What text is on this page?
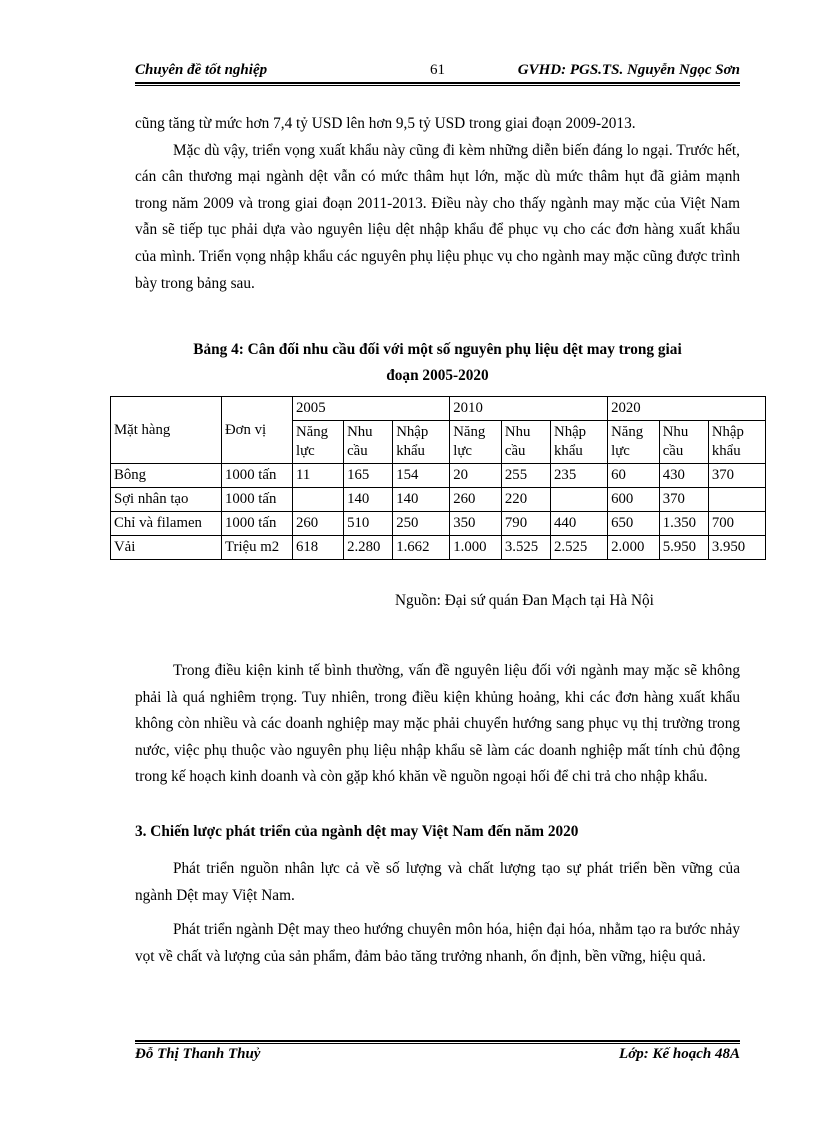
Chuyên đề tốt nghiệp	61	GVHD: PGS.TS. Nguyễn Ngọc Sơn

cũng tăng từ mức hơn 7,4 tỷ USD lên hơn 9,5 tỷ USD trong giai đoạn 2009-2013.

Mặc dù vậy, triển vọng xuất khẩu này cũng đi kèm những diễn biến đáng lo ngại. Trước hết, cán cân thương mại ngành dệt vẫn có mức thâm hụt lớn, mặc dù mức thâm hụt đã giảm mạnh trong năm 2009 và trong giai đoạn 2011-2013. Điều này cho thấy ngành may mặc của Việt Nam vẫn sẽ tiếp tục phải dựa vào nguyên liệu dệt nhập khẩu để phục vụ cho các đơn hàng xuất khẩu của mình. Triển vọng nhập khẩu các nguyên phụ liệu phục vụ cho ngành may mặc cũng được trình bày trong bảng sau.

Bảng 4: Cân đối nhu cầu đối với một số nguyên phụ liệu dệt may trong giai
đoạn 2005-2020
Mặt hàng	Đơn vị	2005			2010			2020		
		Năng lực	Nhu cầu	Nhập khẩu	Năng lực	Nhu cầu	Nhập khẩu	Năng lực	Nhu cầu	Nhập khẩu
Bông	1000 tấn	11	165	154	20	255	235	60	430	370
Sợi nhân tạo	1000 tấn		140	140	260	220		600	370	
Chỉ và filamen	1000 tấn	260	510	250	350	790	440	650	1.350	700
Vải	Triệu m2	618	2.280	1.662	1.000	3.525	2.525	2.000	5.950	3.950
Nguồn: Đại sứ quán Đan Mạch tại Hà Nội

Trong điều kiện kinh tế bình thường, vấn đề nguyên liệu đối với ngành may mặc sẽ không phải là quá nghiêm trọng. Tuy nhiên, trong điều kiện khủng hoảng, khi các đơn hàng xuất khẩu không còn nhiều và các doanh nghiệp may mặc phải chuyển hướng sang phục vụ thị trường trong nước, việc phụ thuộc vào nguyên phụ liệu nhập khẩu sẽ làm các doanh nghiệp mất tính chủ động trong kế hoạch kinh doanh và còn gặp khó khăn về nguồn ngoại hối để chi trả cho nhập khẩu.

3. Chiến lược phát triển của ngành dệt may Việt Nam đến năm 2020

Phát triển nguồn nhân lực cả về số lượng và chất lượng tạo sự phát triển bền vững của ngành Dệt may Việt Nam.

Phát triển ngành Dệt may theo hướng chuyên môn hóa, hiện đại hóa, nhằm tạo ra bước nhảy vọt về chất và lượng của sản phẩm, đảm bảo tăng trưởng nhanh, ổn định, bền vững, hiệu quả.

Đỗ Thị Thanh Thuỷ	Lớp: Kế hoạch 48A
